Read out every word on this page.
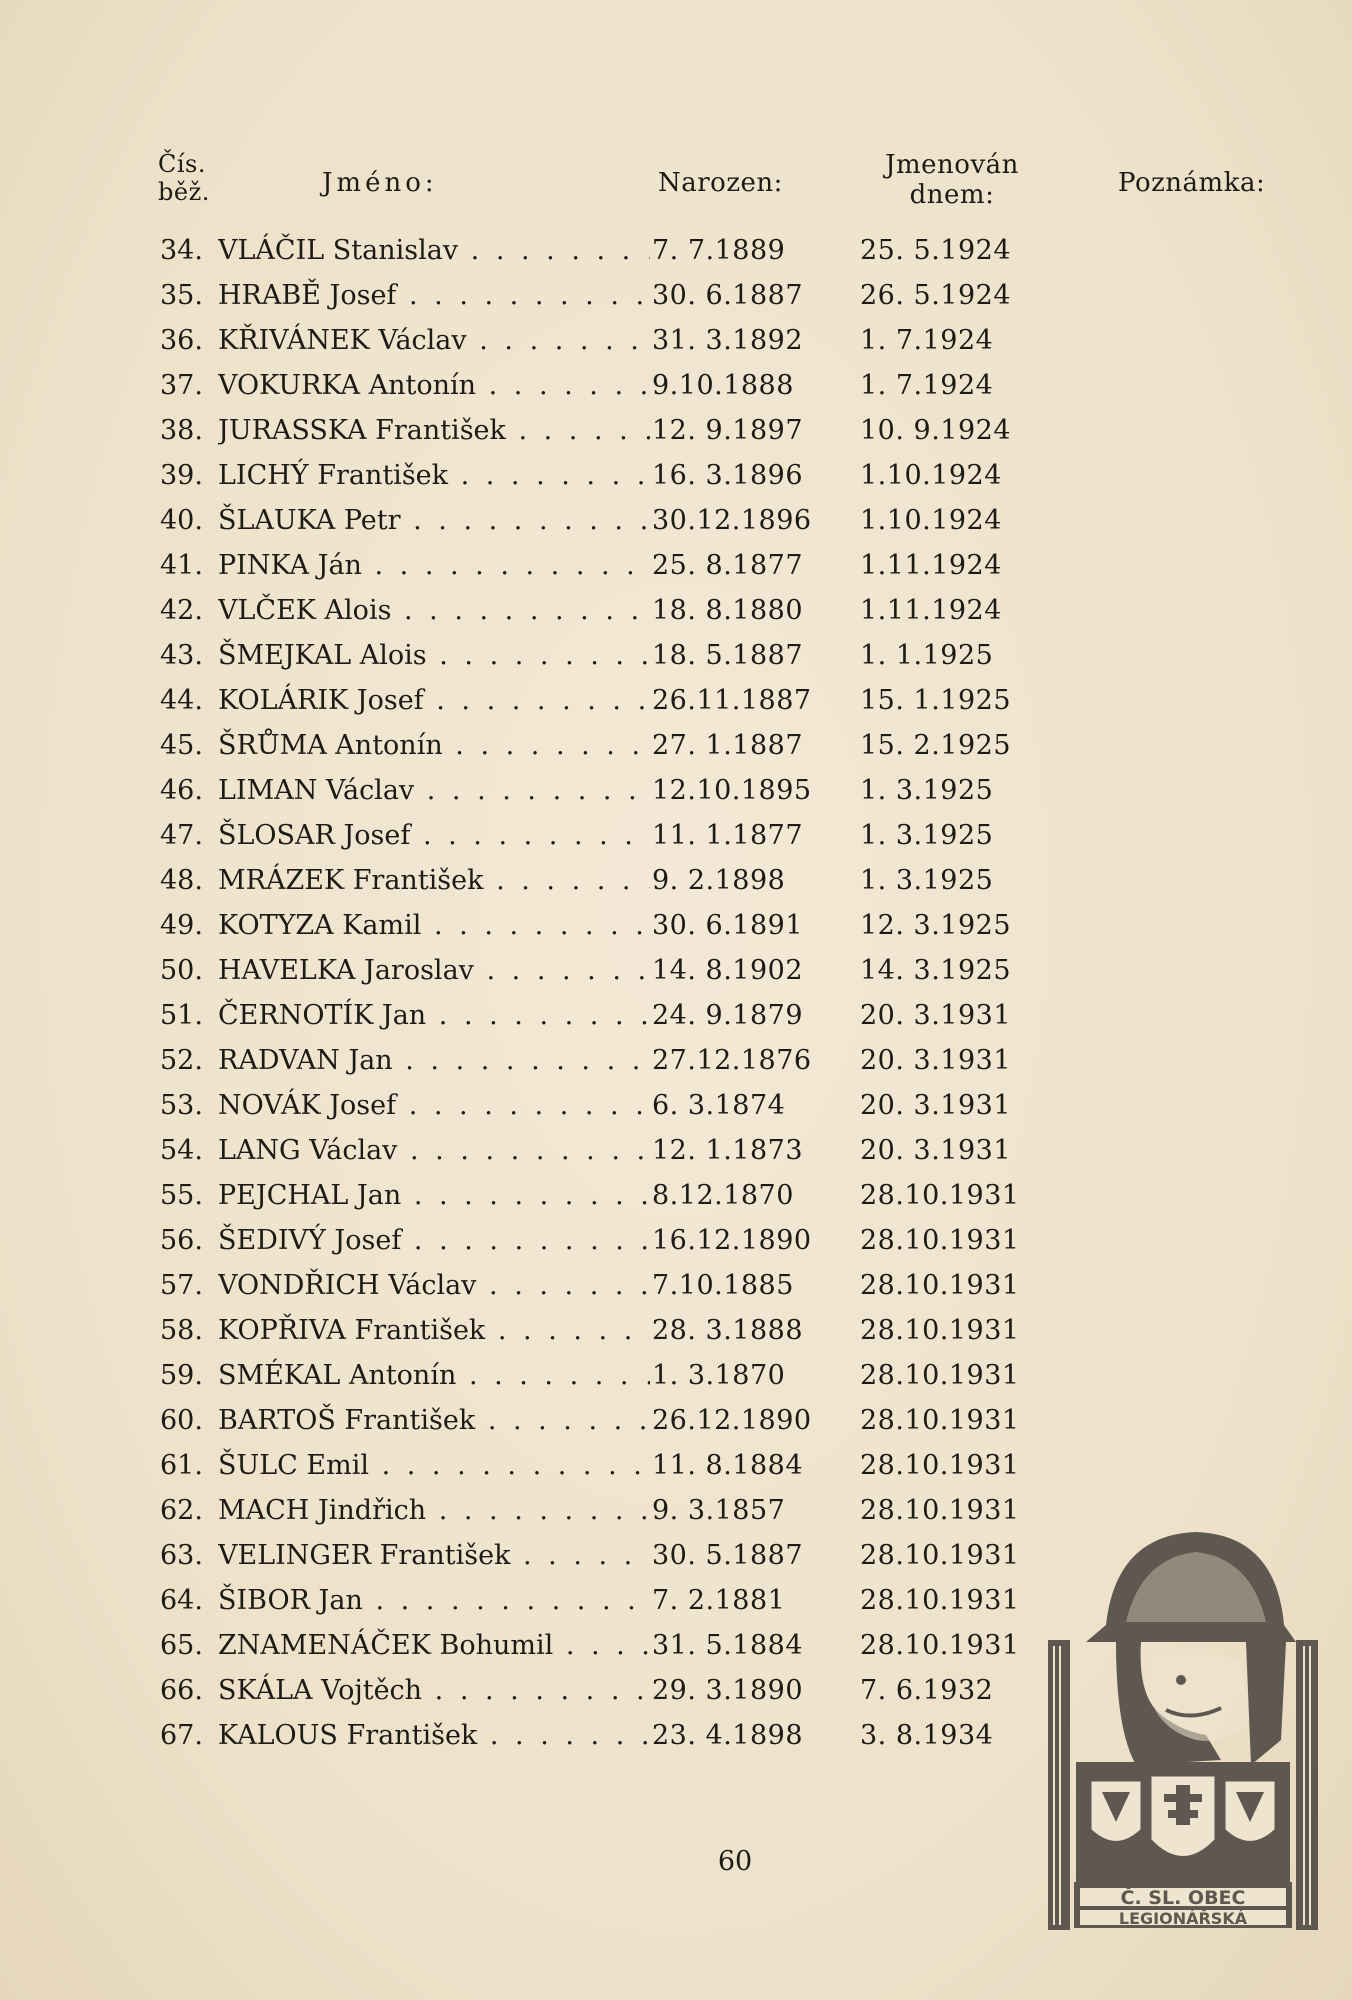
Čís.
běž.	Jméno:	Narozen:
Jmenován
dnem:	Poznámka:
34. VLÁČIL Stanislav . . .	7. 7.1889	25. 5.1924
35. HRABĚ Josef . . .	30. 6.1887	26. 5.1924
36. KŘIVÁNEK Václav . . .	31. 3.1892	1. 7.1924
37. VOKURKA Antonín . . .	9.10.1888	1. 7.1924
38. JURASSKA František . . .	12. 9.1897	10. 9.1924
39. LICHÝ František . . .	16. 3.1896	1.10.1924
40. ŠLAUKA Petr . . .	30.12.1896 1.10.1924
41. PINKA Ján . . .	25. 8.1877	1.11.1924
42. VLČEK Alois . . .	18. 8.1880	1.11.1924
43. ŠMEJKAL Alois . . .	18. 5.1887	1. 1.1925
44. KOLÁRIK Josef . . .	26.11.1887 15. 1.1925
45. ŠRŮMA Antonín . . .	27. 1.1887	15. 2.1925
46. LIMAN Václav . . .	12.10.1895 1. 3.1925
47. ŠLOSAR Josef . . .	11. 1.1877	1. 3.1925
48. MRÁZEK František . . .	9. 2.1898	1. 3.1925
49. KOTYZA Kamil . . .	30. 6.1891	12. 3.1925
50. HAVELKA Jaroslav . . .	14. 8.1902	14. 3.1925
51. ČERNOTÍK Jan . . .	24. 9.1879	20. 3.1931
52. RADVAN Jan . . .	27.12.1876 20. 3.1931
53. NOVÁK Josef . . .	6. 3.1874	20. 3.1931
54. LANG Václav . . .	12. 1.1873	20. 3.1931
55. PEJCHAL Jan . . .	8.12.1870	28.10.1931
56. ŠEDIVÝ Josef . . .	16.12.1890 28.10.1931
57. VONDŘICH Václav . . .	7.10.1885	28.10.1931
58. KOPŘIVA František . . .	28. 3.1888	28.10.1931
59. SMÉKAL Antonín . . .	1. 3.1870	28.10.1931
60. BARTOŠ František . . .	26.12.1890 28.10.1931
61. ŠULC Emil . . .	11. 8.1884	28.10.1931
62. MACH Jindřich . . .	9. 3.1857	28.10.1931
63. VELINGER František . . .	30. 5.1887	28.10.1931
64. ŠIBOR Jan . . .	7. 2.1881	28.10.1931
65. ZNAMENÁČEK Bohumil . . .	31. 5.1884	28.10.1931
66. SKÁLA Vojtěch . . .	29. 3.1890	7. 6.1932
67. KALOUS František . . .	23. 4.1898	3. 8.1934
60
Č. SL. OBEC
LEGIONÁŘSKÁ
